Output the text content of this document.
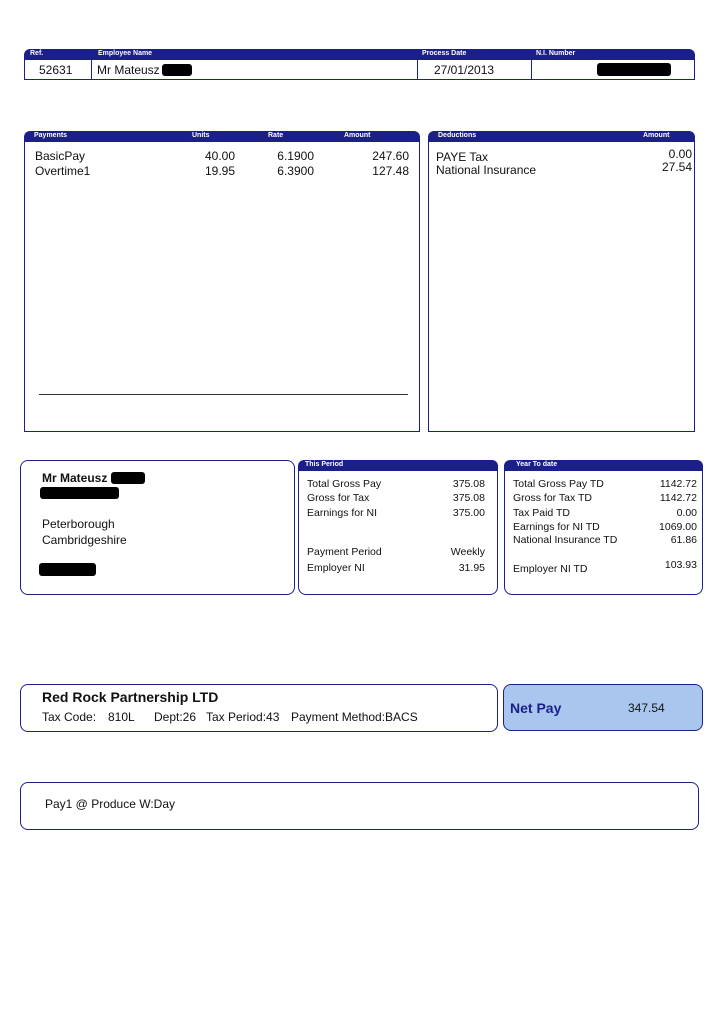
Ref.	Employee Name	Process Date	N.I. Number
52631 Mr Mateusz	27/01/2013
Payments	Units	Rate	Amount
BasicPay	40.00	6.1900	247.60
Overtime1	19.95	6.3900	127.48
Deductions	Amount
PAYE Tax	0.00
National Insurance	27.54
Mr Mateusz
Peterborough
Cambridgeshire
This Period
Total Gross Pay	375.08
Gross for Tax	375.08
Earnings for NI	375.00
Payment Period	Weekly
Employer NI	31.95
Year To date
Total Gross Pay TD	1142.72
Gross for Tax TD	1142.72
Tax Paid TD	0.00
Earnings for NI TD	1069.00
National Insurance TD	61.86
Employer NI TD	103.93
Red Rock Partnership LTD
Tax Code: 810L Dept:26 Tax Period:43 Payment Method:BACS
Net Pay	347.54
Pay1 @ Produce W:Day
